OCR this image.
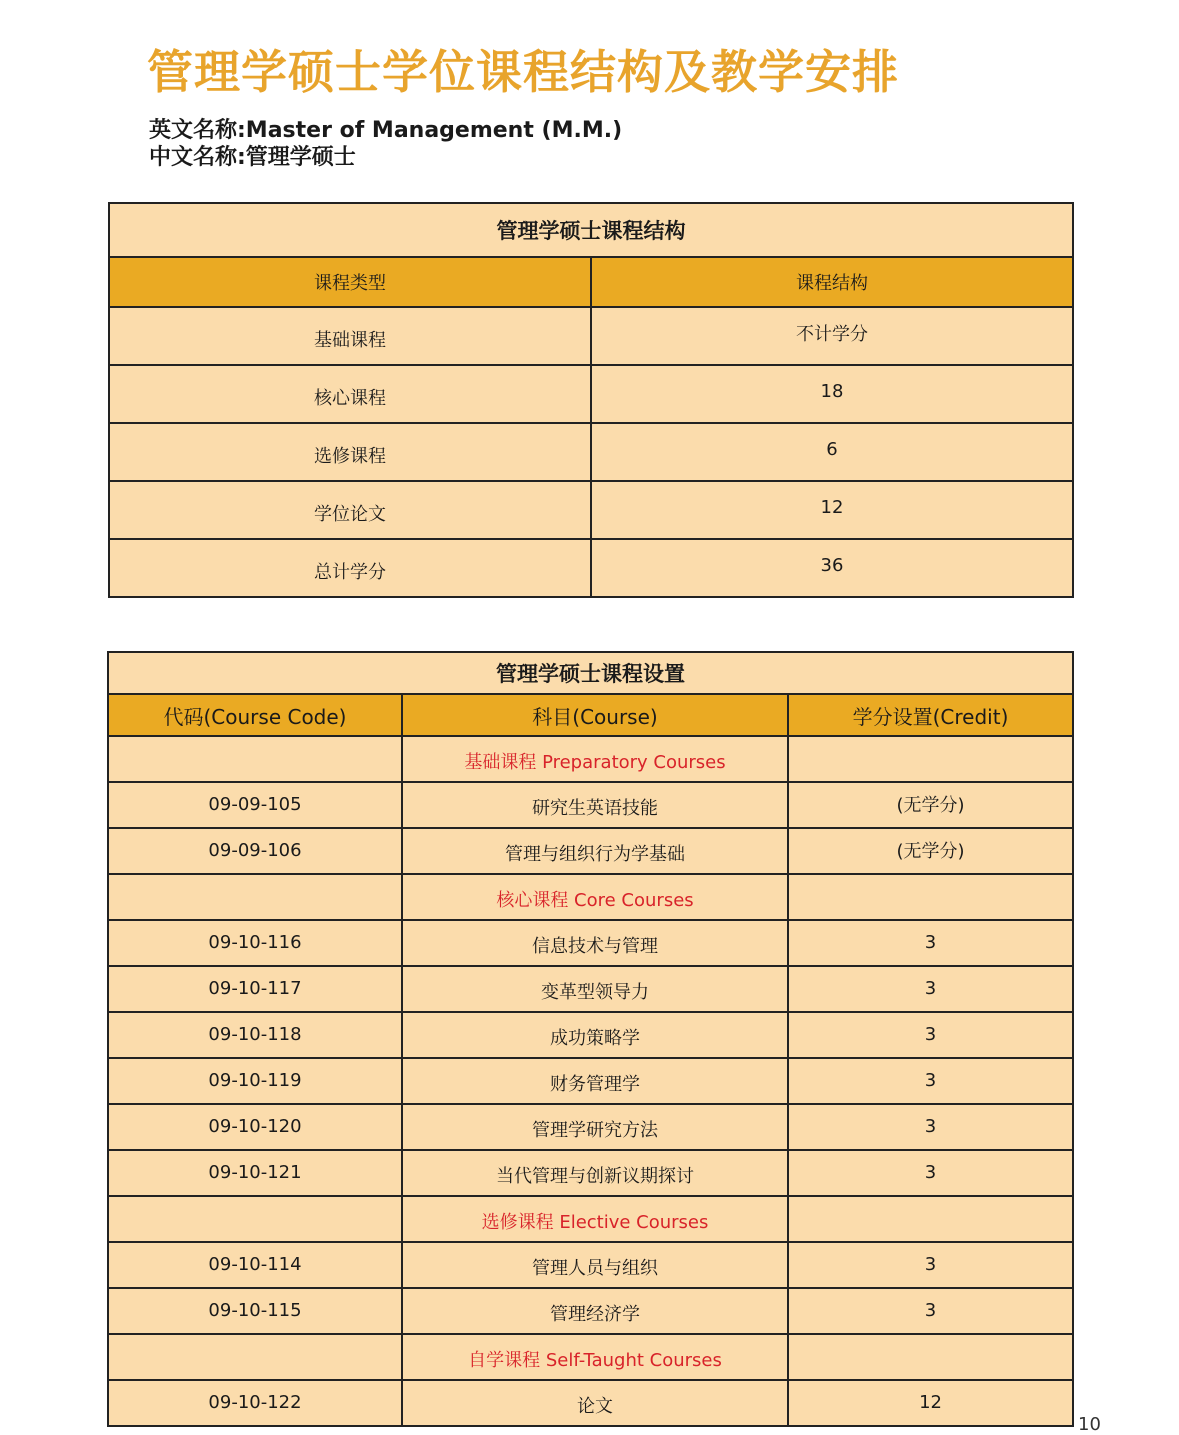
管理学硕士学位课程结构及教学安排
英文名称:Master of Management (M.M.)
中文名称:管理学硕士
管理学硕士课程结构	
课程类型	课程结构
基础课程	不计学分
核心课程	18
选修课程	6
学位论文	12
总计学分	36
管理学硕士课程设置		
代码(Course Code)	科目(Course)	学分设置(Credit)
	基础课程 Preparatory Courses	
09-09-105	研究生英语技能	(无学分)
09-09-106	管理与组织行为学基础	(无学分)
	核心课程 Core Courses	
09-10-116	信息技术与管理	3
09-10-117	变革型领导力	3
09-10-118	成功策略学	3
09-10-119	财务管理学	3
09-10-120	管理学研究方法	3
09-10-121	当代管理与创新议期探讨	3
	选修课程 Elective Courses	
09-10-114	管理人员与组织	3
09-10-115	管理经济学	3
	自学课程 Self-Taught Courses	
09-10-122	论文	12
10
